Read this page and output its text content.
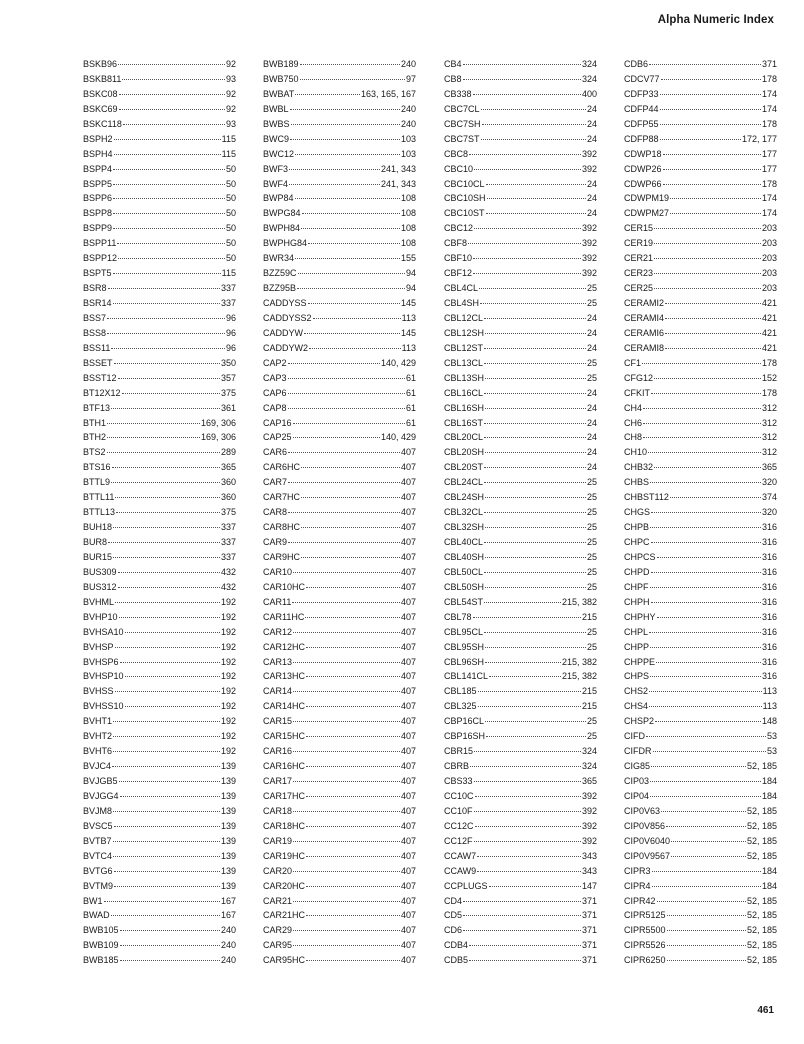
Alpha Numeric Index
BSKB96	92
BSKB811	93
BSKC08	92
BSKC69	92
BSKC118	93
BSPH2	115
BSPH4	115
BSPP4	50
BSPP5	50
BSPP6	50
BSPP8	50
BSPP9	50
BSPP11	50
BSPP12	50
BSPT5	115
BSR8	337
BSR14	337
BSS7	96
BSS8	96
BSS11	96
BSSET	350
BSST12	357
BT12X12	375
BTF13	361
BTH1	169, 306
BTH2	169, 306
BTS2	289
BTS16	365
BTTL9	360
BTTL11	360
BTTL13	375
BUH18	337
BUR8	337
BUR15	337
BUS309	432
BUS312	432
BVHML	192
BVHP10	192
BVHSA10	192
BVHSP	192
BVHSP6	192
BVHSP10	192
BVHSS	192
BVHSS10	192
BVHT1	192
BVHT2	192
BVHT6	192
BVJC4	139
BVJGB5	139
BVJGG4	139
BVJM8	139
BVSC5	139
BVTB7	139
BVTC4	139
BVTG6	139
BVTM9	139
BW1	167
BWAD	167
BWB105	240
BWB109	240
BWB185	240
BWB189	240
BWB750	97
BWBAT	163, 165, 167
BWBL	240
BWBS	240
BWC9	103
BWC12	103
BWF3	241, 343
BWF4	241, 343
BWP84	108
BWPG84	108
BWPH84	108
BWPHG84	108
BWR34	155
BZZ59C	94
BZZ95B	94
CADDYSS	145
CADDYSS2	113
CADDYW	145
CADDYW2	113
CAP2	140, 429
CAP3	61
CAP6	61
CAP8	61
CAP16	61
CAP25	140, 429
CAR6	407
CAR6HC	407
CAR7	407
CAR7HC	407
CAR8	407
CAR8HC	407
CAR9	407
CAR9HC	407
CAR10	407
CAR10HC	407
CAR11	407
CAR11HC	407
CAR12	407
CAR12HC	407
CAR13	407
CAR13HC	407
CAR14	407
CAR14HC	407
CAR15	407
CAR15HC	407
CAR16	407
CAR16HC	407
CAR17	407
CAR17HC	407
CAR18	407
CAR18HC	407
CAR19	407
CAR19HC	407
CAR20	407
CAR20HC	407
CAR21	407
CAR21HC	407
CAR29	407
CAR95	407
CAR95HC	407
CB4	324
CB8	324
CB338	400
CBC7CL	24
CBC7SH	24
CBC7ST	24
CBC8	392
CBC10	392
CBC10CL	24
CBC10SH	24
CBC10ST	24
CBC12	392
CBF8	392
CBF10	392
CBF12	392
CBL4CL	25
CBL4SH	25
CBL12CL	24
CBL12SH	24
CBL12ST	24
CBL13CL	25
CBL13SH	25
CBL16CL	24
CBL16SH	24
CBL16ST	24
CBL20CL	24
CBL20SH	24
CBL20ST	24
CBL24CL	25
CBL24SH	25
CBL32CL	25
CBL32SH	25
CBL40CL	25
CBL40SH	25
CBL50CL	25
CBL50SH	25
CBL54ST	215, 382
CBL78	215
CBL95CL	25
CBL95SH	25
CBL96SH	215, 382
CBL141CL	215, 382
CBL185	215
CBL325	215
CBP16CL	25
CBP16SH	25
CBR15	324
CBRB	324
CBS33	365
CC10C	392
CC10F	392
CC12C	392
CC12F	392
CCAW7	343
CCAW9	343
CCPLUGS	147
CD4	371
CD5	371
CD6	371
CDB4	371
CDB5	371
CDB6	371
CDCV77	178
CDFP33	174
CDFP44	174
CDFP55	178
CDFP88	172, 177
CDWP18	177
CDWP26	177
CDWP66	178
CDWPM19	174
CDWPM27	174
CER15	203
CER19	203
CER21	203
CER23	203
CER25	203
CERAMI2	421
CERAMI4	421
CERAMI6	421
CERAMI8	421
CF1	178
CFG12	152
CFKIT	178
CH4	312
CH6	312
CH8	312
CH10	312
CHB32	365
CHBS	320
CHBST112	374
CHGS	320
CHPB	316
CHPC	316
CHPCS	316
CHPD	316
CHPF	316
CHPH	316
CHPHY	316
CHPL	316
CHPP	316
CHPPE	316
CHPS	316
CHS2	113
CHS4	113
CHSP2	148
CIFD	53
CIFDR	53
CIG85	52, 185
CIP03	184
CIP04	184
CIP0V63	52, 185
CIP0V856	52, 185
CIP0V6040	52, 185
CIP0V9567	52, 185
CIPR3	184
CIPR4	184
CIPR42	52, 185
CIPR5125	52, 185
CIPR5500	52, 185
CIPR5526	52, 185
CIPR6250	52, 185
461
